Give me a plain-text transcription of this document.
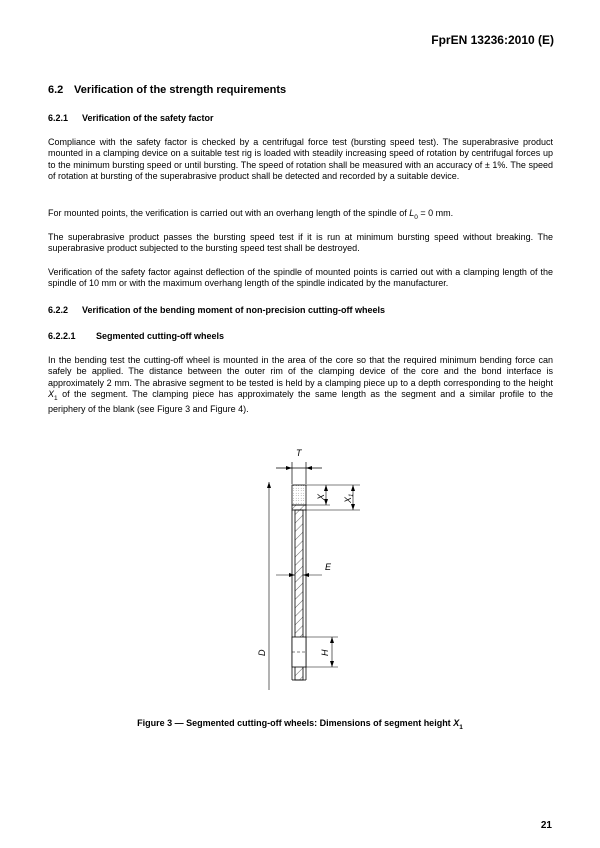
FprEN 13236:2010 (E)
6.2 Verification of the strength requirements
6.2.1 Verification of the safety factor
Compliance with the safety factor is checked by a centrifugal force test (bursting speed test). The superabrasive product mounted in a clamping device on a suitable test rig is loaded with steadily increasing speed of rotation by centrifugal forces up to the minimum bursting speed or until bursting. The speed of rotation shall be measured with an accuracy of ± 1%. The speed of rotation at bursting of the superabrasive product shall be detected and recorded by a suitable device.
For mounted points, the verification is carried out with an overhang length of the spindle of $L_0 = 0$ mm.
The superabrasive product passes the bursting speed test if it is run at minimum bursting speed without breaking. The superabrasive product subjected to the bursting speed test shall be destroyed.
Verification of the safety factor against deflection of the spindle of mounted points is carried out with a clamping length of the spindle of 10 mm or with the maximum overhang length of the spindle indicated by the manufacturer.
6.2.2 Verification of the bending moment of non-precision cutting-off wheels
6.2.2.1 Segmented cutting-off wheels
In the bending test the cutting-off wheel is mounted in the area of the core so that the required minimum bending force can safely be applied. The distance between the outer rim of the clamping device of the core and the bond interface is approximately 2 mm. The abrasive segment to be tested is held by a clamping piece up to a depth corresponding to the height $X_1$ of the segment. The clamping piece has approximately the same length as the segment and a similar profile to the periphery of the blank (see Figure 3 and Figure 4).
X $X_1$
T
E
D	H
Figure 3 — Segmented cutting-off wheels: Dimensions of segment height $X_1$
21
